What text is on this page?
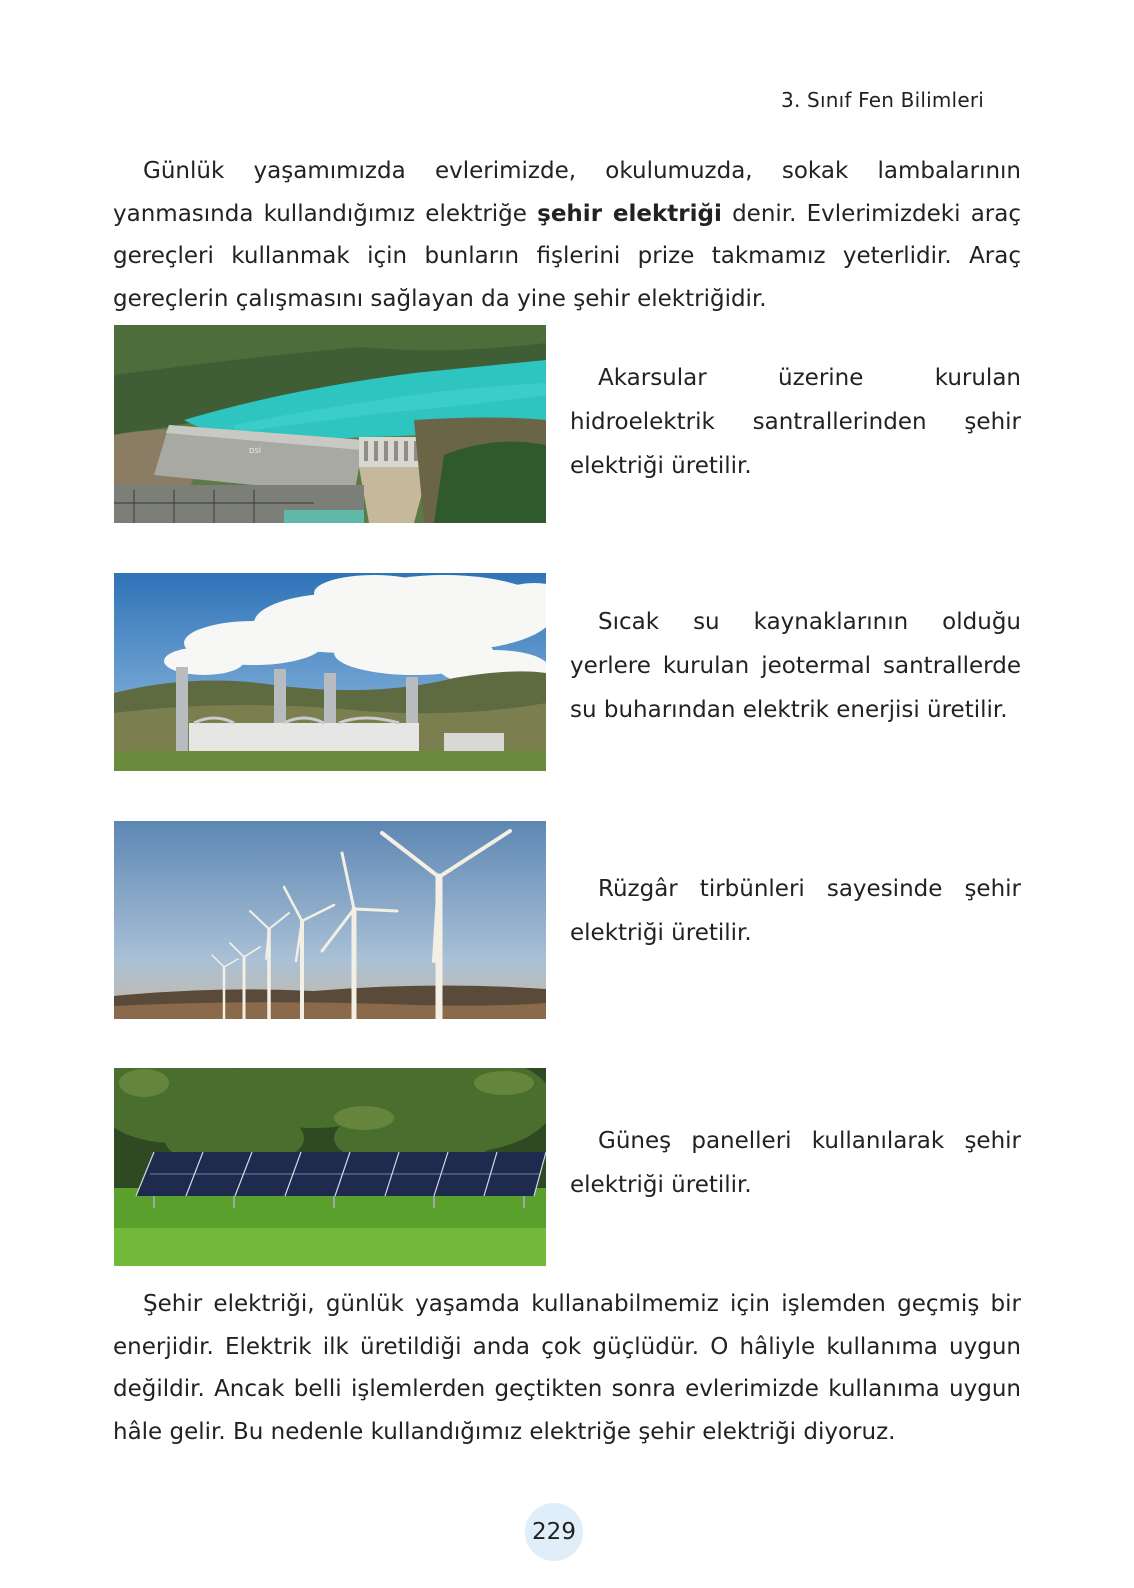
3. Sınıf Fen Bilimleri

Günlük yaşamımızda evlerimizde, okulumuzda, sokak lambalarının yanmasında kullandığımız elektriğe şehir elektriği denir. Evlerimizdeki araç gereçleri kullanmak için bunların fişlerini prize takmamız yeterlidir. Araç gereçlerin çalışmasını sağlayan da yine şehir elektriğidir.

DSİ

Akarsular üzerine kurulan hidroelektrik santrallerinden şehir elektriği üretilir.

Sıcak su kaynaklarının olduğu yerlere kurulan jeotermal santrallerde su buharından elektrik enerjisi üretilir.

Rüzgâr tirbünleri sayesinde şehir elektriği üretilir.

Güneş panelleri kullanılarak şehir elektriği üretilir.

Şehir elektriği, günlük yaşamda kullanabilmemiz için işlemden geçmiş bir enerjidir. Elektrik ilk üretildiği anda çok güçlüdür. O hâliyle kullanıma uygun değildir. Ancak belli işlemlerden geçtikten sonra evlerimizde kullanıma uygun hâle gelir. Bu nedenle kullandığımız elektriğe şehir elektriği diyoruz.

229
